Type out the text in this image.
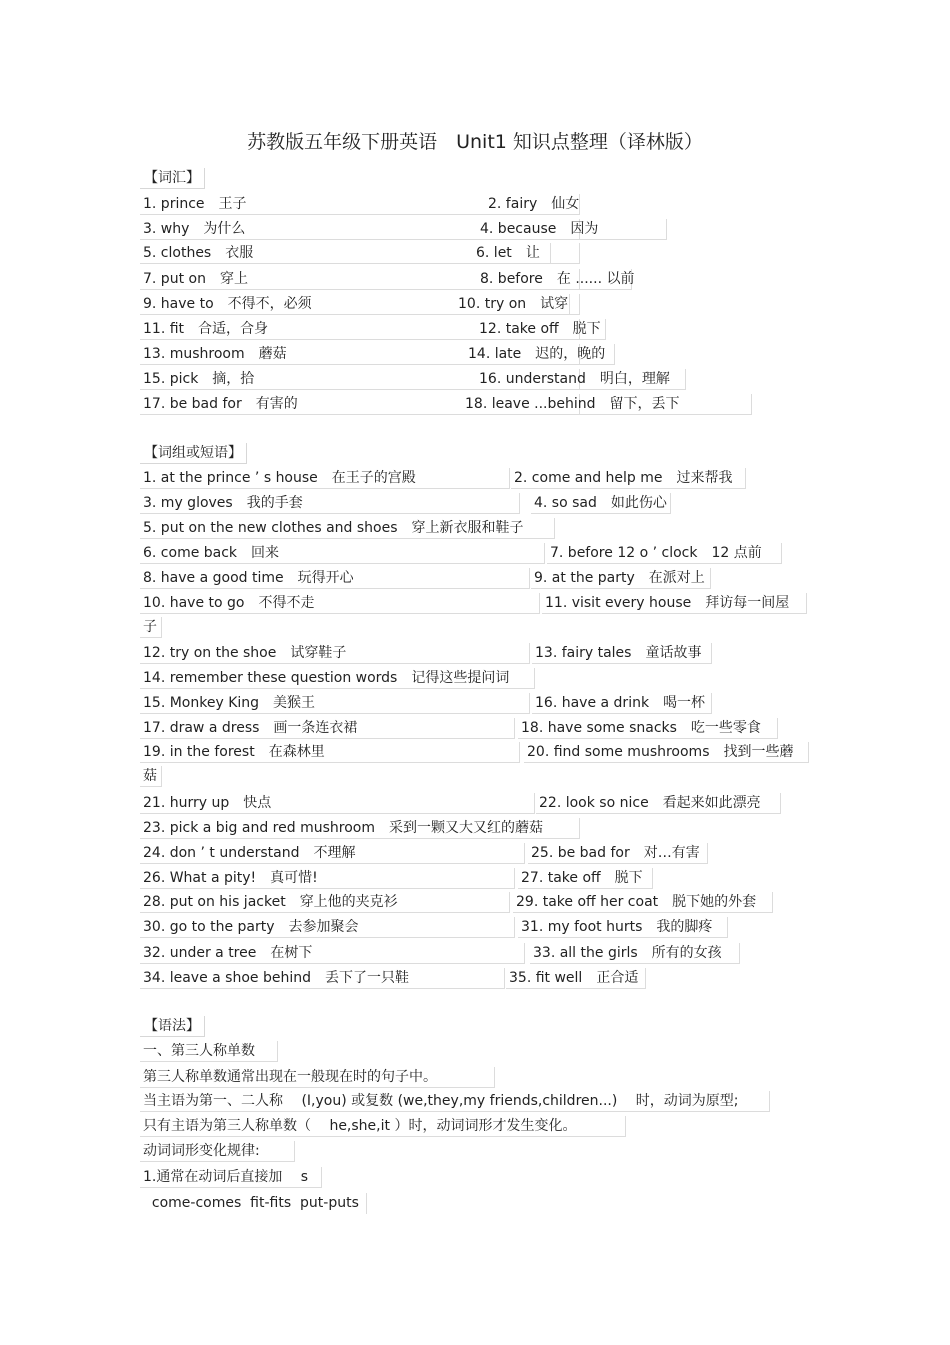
苏教版五年级下册英语　Unit1 知识点整理（译林版）
【词汇】
1. prince 王子	2. fairy 仙女
3. why 为什么	4. because 因为
5. clothes 衣服	6. let 让
7. put on 穿上	8. before 在 ...... 以前
9. have to 不得不，必须	10. try on 试穿
11. fit 合适，合身	12. take off 脱下
13. mushroom 蘑菇	14. late 迟的，晚的
15. pick 摘，拾	16. understand 明白，理解
17. be bad for 有害的	18. leave ...behind 留下，丢下
【词组或短语】
1. at the prince ’ s house 在王子的宫殿	2. come and help me 过来帮我
3. my gloves 我的手套	4. so sad 如此伤心
5. put on the new clothes and shoes 穿上新衣服和鞋子
6. come back 回来	7. before 12 o ’ clock 12 点前
8. have a good time 玩得开心	9. at the party 在派对上
10. have to go 不得不走	11. visit every house 拜访每一间屋
子
12. try on the shoe 试穿鞋子	13. fairy tales 童话故事
14. remember these question words 记得这些提问词
15. Monkey King 美猴王	16. have a drink 喝一杯
17. draw a dress 画一条连衣裙	18. have some snacks 吃一些零食
19. in the forest 在森林里	20. find some mushrooms 找到一些蘑
菇
21. hurry up 快点	22. look so nice 看起来如此漂亮
23. pick a big and red mushroom 采到一颗又大又红的蘑菇
24. don ’ t understand 不理解	25. be bad for 对…有害
26. What a pity! 真可惜!	27. take off 脱下
28. put on his jacket 穿上他的夹克衫	29. take off her coat 脱下她的外套
30. go to the party 去参加聚会	31. my foot hurts 我的脚疼
32. under a tree 在树下	33. all the girls 所有的女孩
34. leave a shoe behind 丢下了一只鞋	35. fit well 正合适
【语法】
一、第三人称单数
第三人称单数通常出现在一般现在时的句子中。
当主语为第一、二人称　 (I,you) 或复数 (we,they,my friends,children...)　 时，动词为原型;
只有主语为第三人称单数（　 he,she,it ）时，动词词形才发生变化。
动词词形变化规律:
1.通常在动词后直接加　 s
come-comes  fit-fits  put-puts
